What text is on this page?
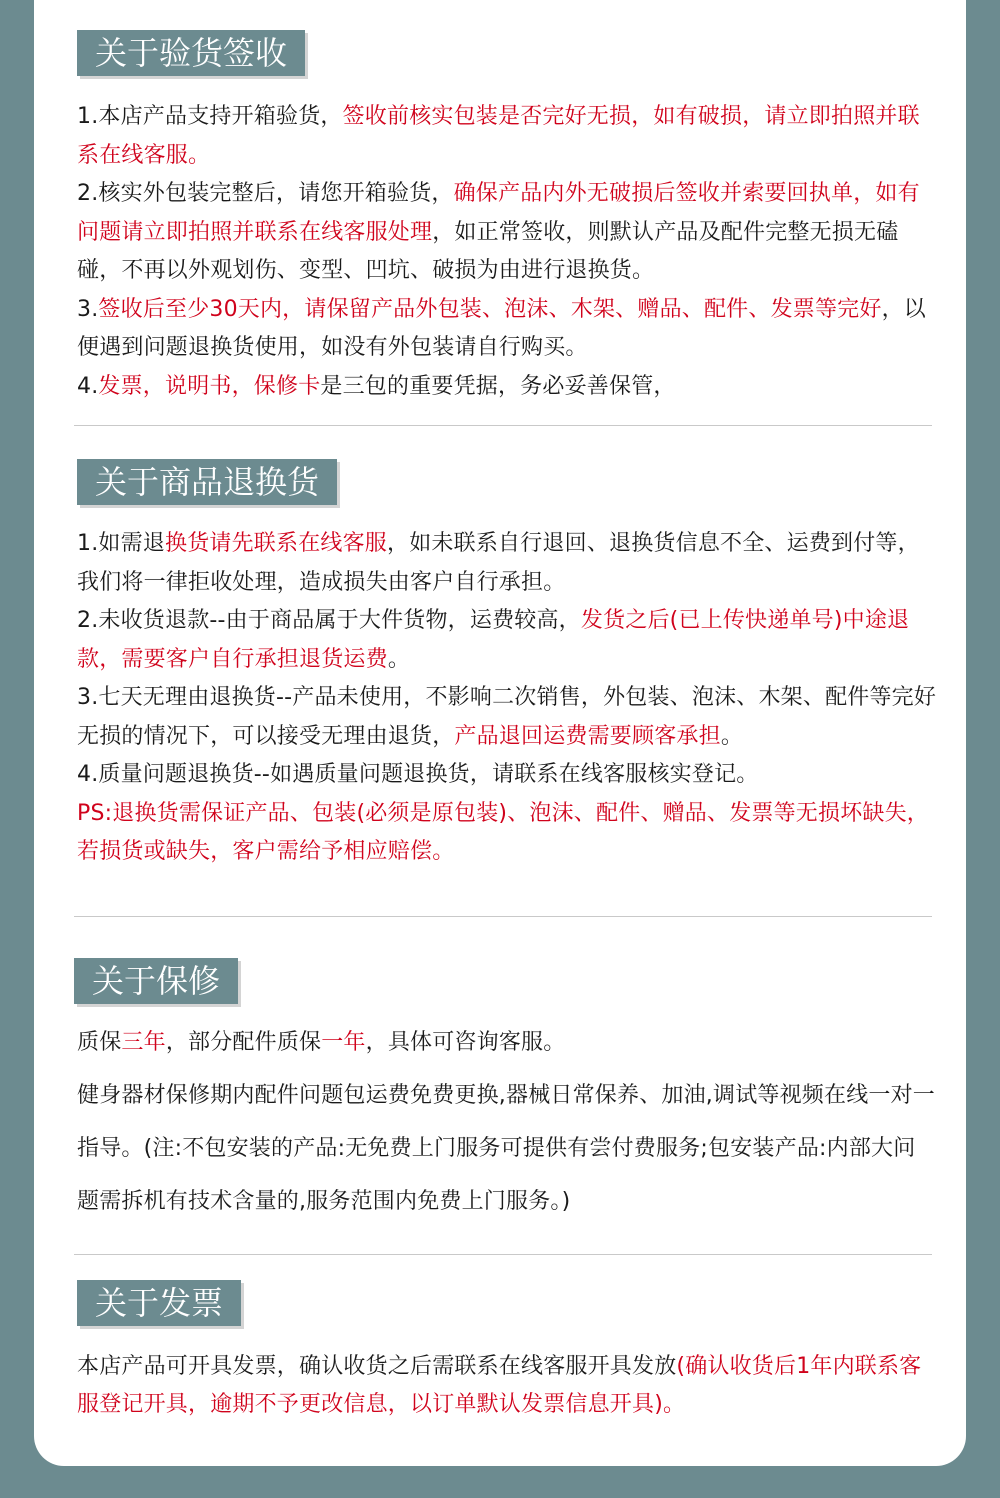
关于验货签收

1.本店产品支持开箱验货，签收前核实包装是否完好无损，如有破损，请立即拍照并联系在线客服。

2.核实外包装完整后，请您开箱验货，确保产品内外无破损后签收并索要回执单，如有问题请立即拍照并联系在线客服处理，如正常签收，则默认产品及配件完整无损无磕碰，不再以外观划伤、变型、凹坑、破损为由进行退换货。

3.签收后至少30天内，请保留产品外包装、泡沫、木架、赠品、配件、发票等完好，以便遇到问题退换货使用，如没有外包装请自行购买。

4.发票，说明书，保修卡是三包的重要凭据，务必妥善保管，

关于商品退换货

1.如需退换货请先联系在线客服，如未联系自行退回、退换货信息不全、运费到付等，我们将一律拒收处理，造成损失由客户自行承担。

2.未收货退款--由于商品属于大件货物，运费较高，发货之后(已上传快递单号)中途退款，需要客户自行承担退货运费。

3.七天无理由退换货--产品未使用，不影响二次销售，外包装、泡沫、木架、配件等完好无损的情况下，可以接受无理由退货，产品退回运费需要顾客承担。

4.质量问题退换货--如遇质量问题退换货，请联系在线客服核实登记。

PS:退换货需保证产品、包装(必须是原包装)、泡沫、配件、赠品、发票等无损坏缺失，若损货或缺失，客户需给予相应赔偿。

关于保修

质保三年，部分配件质保一年，具体可咨询客服。

健身器材保修期内配件问题包运费免费更换,器械日常保养、加油,调试等视频在线一对一指导。(注:不包安装的产品:无免费上门服务可提供有尝付费服务;包安装产品:内部大问题需拆机有技术含量的,服务范围内免费上门服务。)

关于发票

本店产品可开具发票，确认收货之后需联系在线客服开具发放(确认收货后1年内联系客服登记开具，逾期不予更改信息，以订单默认发票信息开具)。
